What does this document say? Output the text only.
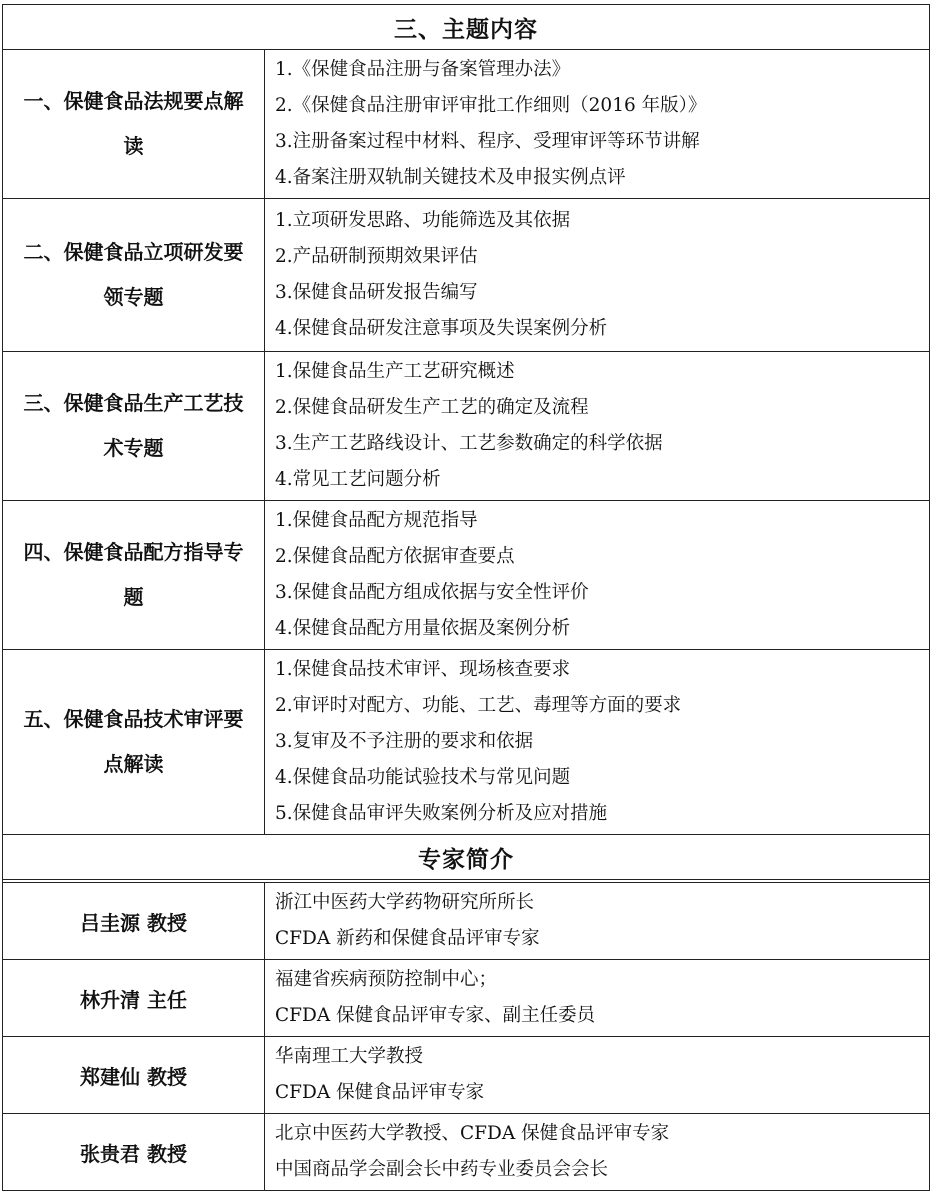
三、主题内容	
一、保健食品法规要点解读	1.《保健食品注册与备案管理办法》
2.《保健食品注册审评审批工作细则（2016 年版）》
3.注册备案过程中材料、程序、受理审评等环节讲解
4.备案注册双轨制关键技术及申报实例点评

二、保健食品立项研发要领专题	1.立项研发思路、功能筛选及其依据
2.产品研制预期效果评估
3.保健食品研发报告编写
4.保健食品研发注意事项及失误案例分析

三、保健食品生产工艺技术专题	1.保健食品生产工艺研究概述
2.保健食品研发生产工艺的确定及流程
3.生产工艺路线设计、工艺参数确定的科学依据
4.常见工艺问题分析

四、保健食品配方指导专题	1.保健食品配方规范指导
2.保健食品配方依据审查要点
3.保健食品配方组成依据与安全性评价
4.保健食品配方用量依据及案例分析

五、保健食品技术审评要点解读	1.保健食品技术审评、现场核查要求
2.审评时对配方、功能、工艺、毒理等方面的要求
3.复审及不予注册的要求和依据
4.保健食品功能试验技术与常见问题
5.保健食品审评失败案例分析及应对措施

专家简介	

吕圭源 教授	浙江中医药大学药物研究所所长
CFDA 新药和保健食品评审专家

林升清 主任	福建省疾病预防控制中心；
CFDA 保健食品评审专家、副主任委员

郑建仙 教授	华南理工大学教授
CFDA 保健食品评审专家

张贵君 教授	北京中医药大学教授、CFDA 保健食品评审专家
中国商品学会副会长中药专业委员会会长
